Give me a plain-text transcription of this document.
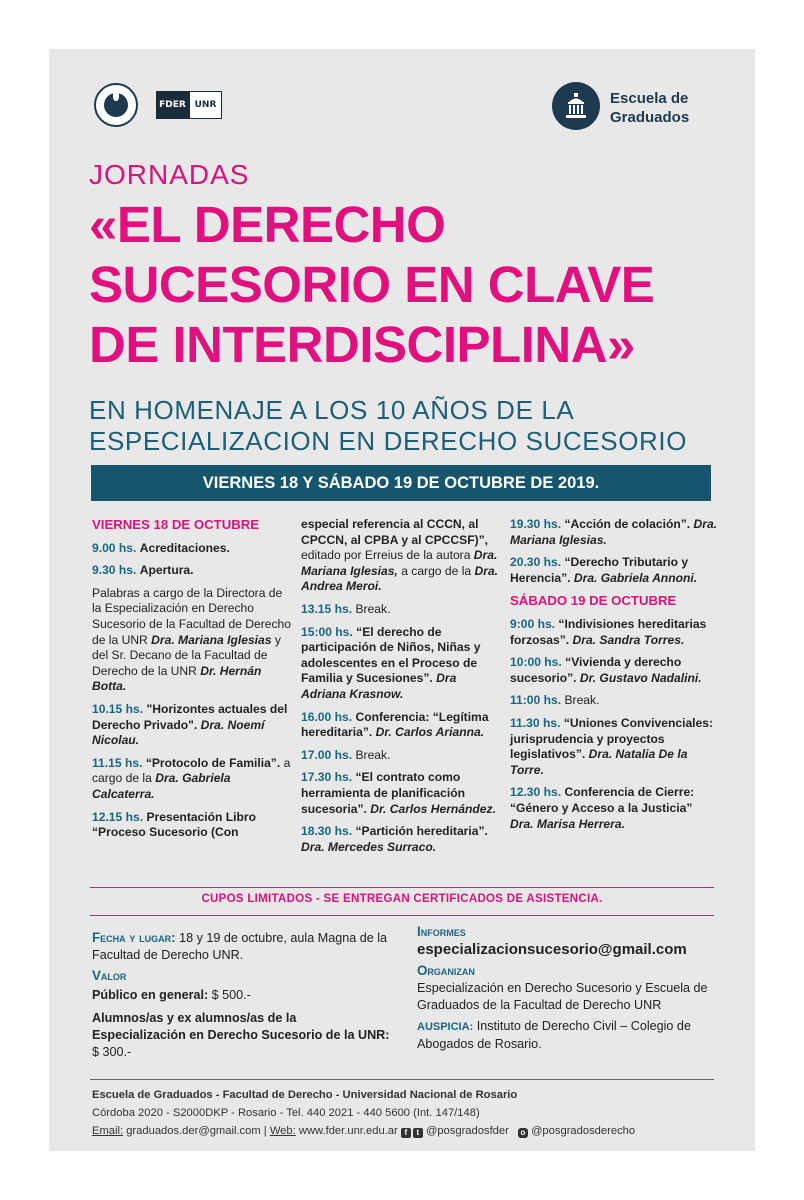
FDER UNR	Escuela de
Graduados
JORNADAS
«EL DERECHO
SUCESORIO EN CLAVE
DE INTERDISCIPLINA»
EN HOMENAJE A LOS 10 AÑOS DE LA
ESPECIALIZACION EN DERECHO SUCESORIO
VIERNES 18 Y SÁBADO 19 DE OCTUBRE DE 2019.

VIERNES 18 DE OCTUBRE

9.00 hs. Acreditaciones.

9.30 hs. Apertura.

Palabras a cargo de la Directora de la Especialización en Derecho Sucesorio de la Facultad de Derecho de la UNR Dra. Mariana Iglesias y del Sr. Decano de la Facultad de Derecho de la UNR Dr. Hernán Botta.

10.15 hs. "Horizontes actuales del Derecho Privado". Dra. Noemí Nicolau.

11.15 hs. “Protocolo de Familia”. a cargo de la Dra. Gabriela Calcaterra.

12.15 hs. Presentación Libro “Proceso Sucesorio (Con

especial referencia al CCCN, al CPCCN, al CPBA y al CPCCSF)”, editado por Erreius de la autora Dra. Mariana Iglesias, a cargo de la Dra. Andrea Meroi.

13.15 hs. Break.

15:00 hs. “El derecho de participación de Niños, Niñas y adolescentes en el Proceso de Familia y Sucesiones”. Dra Adriana Krasnow.

16.00 hs. Conferencia: “Legítima hereditaria”. Dr. Carlos Arianna.

17.00 hs. Break.

17.30 hs. “El contrato como herramienta de planificación sucesoria”. Dr. Carlos Hernández.

18.30 hs. “Partición hereditaria”. Dra. Mercedes Surraco.

19.30 hs. “Acción de colación”. Dra. Mariana Iglesias.

20.30 hs. “Derecho Tributario y Herencia”. Dra. Gabriela Annoni.

SÁBADO 19 DE OCTUBRE

9:00 hs. “Indivisiones hereditarias forzosas”. Dra. Sandra Torres.

10:00 hs. “Vivienda y derecho sucesorio”. Dr. Gustavo Nadalini.

11:00 hs. Break.

11.30 hs. “Uniones Convivenciales: jurisprudencia y proyectos legislativos”. Dra. Natalia De la Torre.

12.30 hs. Conferencia de Cierre: “Género y Acceso a la Justicia” Dra. Marisa Herrera.

CUPOS LIMITADOS - SE ENTREGAN CERTIFICADOS DE ASISTENCIA.
Fecha y lugar: 18 y 19 de octubre, aula Magna de la Facultad de Derecho UNR.
Valor
Público en general: $ 500.-
Alumnos/as y ex alumnos/as de la Especialización en Derecho Sucesorio de la UNR: $ 300.-
Informes
especializacionsucesorio@gmail.com
Organizan
Especialización en Derecho Sucesorio y Escuela de Graduados de la Facultad de Derecho UNR
AUSPICIA: Instituto de Derecho Civil – Colegio de Abogados de Rosario.
Escuela de Graduados - Facultad de Derecho - Universidad Nacional de Rosario
Córdoba 2020 - S2000DKP - Rosario - Tel. 440 2021 - 440 5600 (Int. 147/148)
Email: graduados.der@gmail.com | Web: www.fder.unr.edu.ar f t @posgradosfder o @posgradosderecho
